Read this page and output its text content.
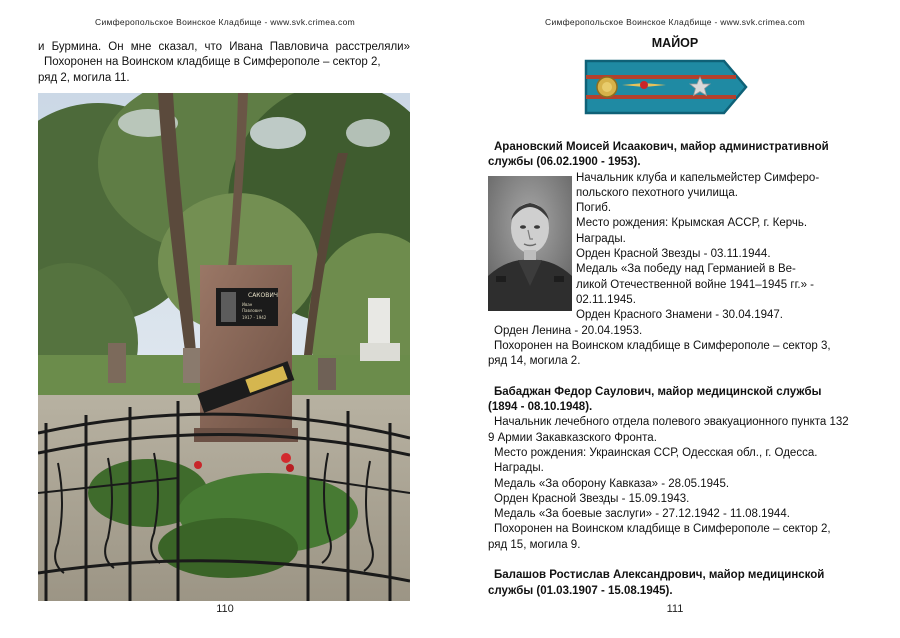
Симферопольское Воинское Кладбище - www.svk.crimea.com
и Бурмина. Он мне сказал, что Ивана Павловича расстреляли»
Похоронен на Воинском кладбище в Симферополе – сектор 2,
ряд 2, могила 11.
САКОВИЧ
Иван
Павлович
1917 - 1942
110
Симферопольское Воинское Кладбище - www.svk.crimea.com
111
МАЙОР
Арановский Моисей Исаакович, майор административной
службы (06.02.1900 - 1953).
Начальник клуба и капельмейстер Симферо-
польского пехотного училища.
Погиб.
Место рождения: Крымская АССР, г. Керчь.
Награды.
Орден Красной Звезды - 03.11.1944.
Медаль «За победу над Германией в Ве-
ликой Отечественной войне 1941–1945 гг.» -
02.11.1945.
Орден Красного Знамени - 30.04.1947.
Орден Ленина - 20.04.1953.
Похоронен на Воинском кладбище в Симферополе – сектор 3,
ряд 14, могила 2.
Бабаджан Федор Саулович, майор медицинской службы
(1894 - 08.10.1948).
Начальник лечебного отдела полевого эвакуационного пункта 132
9 Армии Закавказского Фронта.
Место рождения: Украинская ССР, Одесская обл., г. Одесса.
Награды.
Медаль «За оборону Кавказа» - 28.05.1945.
Орден Красной Звезды - 15.09.1943.
Медаль «За боевые заслуги» - 27.12.1942 - 11.08.1944.
Похоронен на Воинском кладбище в Симферополе – сектор 2,
ряд 15, могила 9.
Балашов Ростислав Александрович, майор медицинской
службы (01.03.1907 - 15.08.1945).
